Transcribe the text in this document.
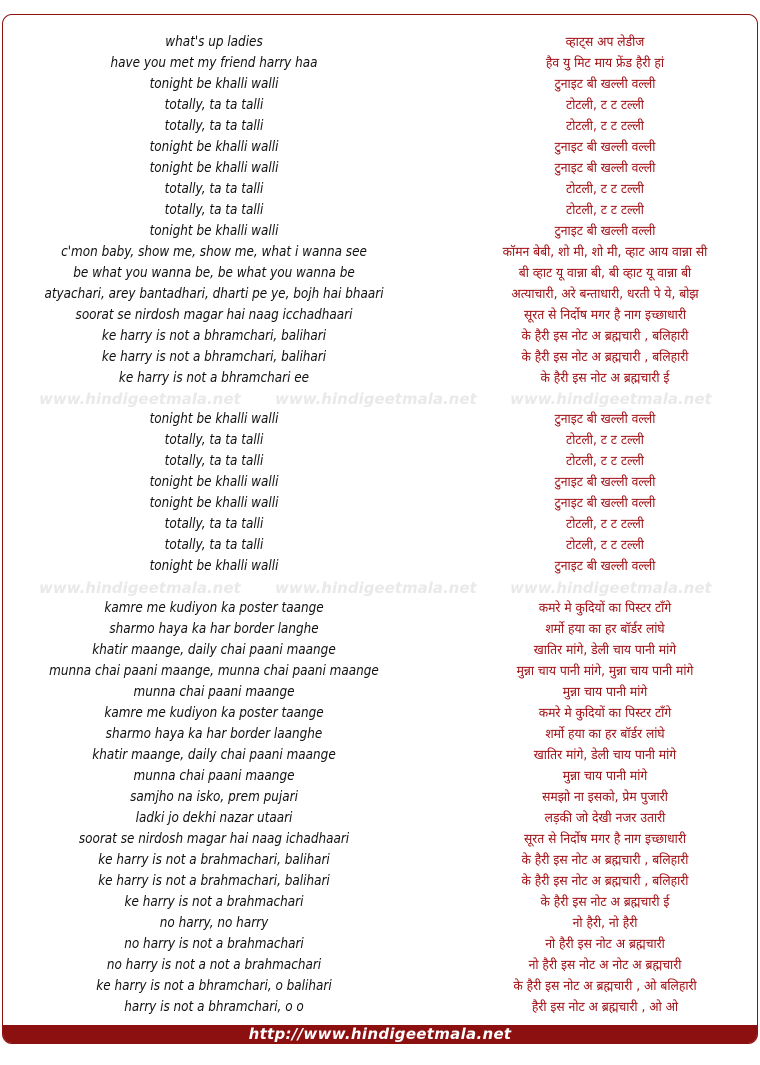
www.hindigeetmala.net www.hindigeetmala.net www.hindigeetmala.net
www.hindigeetmala.net www.hindigeetmala.net www.hindigeetmala.net
what's up ladies
have you met my friend harry haa
tonight be khalli walli
totally, ta ta talli
totally, ta ta talli
tonight be khalli walli
tonight be khalli walli
totally, ta ta talli
totally, ta ta talli
tonight be khalli walli
c'mon baby, show me, show me, what i wanna see
be what you wanna be, be what you wanna be
atyachari, arey bantadhari, dharti pe ye, bojh hai bhaari
soorat se nirdosh magar hai naag icchadhaari
ke harry is not a bhramchari, balihari
ke harry is not a bhramchari, balihari
ke harry is not a bhramchari ee
tonight be khalli walli
totally, ta ta talli
totally, ta ta talli
tonight be khalli walli
tonight be khalli walli
totally, ta ta talli
totally, ta ta talli
tonight be khalli walli
kamre me kudiyon ka poster taange
sharmo haya ka har border langhe
khatir maange, daily chai paani maange
munna chai paani maange, munna chai paani maange
munna chai paani maange
kamre me kudiyon ka poster taange
sharmo haya ka har border laanghe
khatir maange, daily chai paani maange
munna chai paani maange
samjho na isko, prem pujari
ladki jo dekhi nazar utaari
soorat se nirdosh magar hai naag ichadhaari
ke harry is not a brahmachari, balihari
ke harry is not a brahmachari, balihari
ke harry is not a brahmachari
no harry, no harry
no harry is not a brahmachari
no harry is not a not a brahmachari
ke harry is not a bhramchari, o balihari
harry is not a bhramchari, o o
व्हाट्स अप लेडीज
हैव यु मिट माय फ्रेंड हैरी हां
टुनाइट बी खल्ली वल्ली
टोटली, ट ट टल्ली
टोटली, ट ट टल्ली
टुनाइट बी खल्ली वल्ली
टुनाइट बी खल्ली वल्ली
टोटली, ट ट टल्ली
टोटली, ट ट टल्ली
टुनाइट बी खल्ली वल्ली
कॉमन बेबी, शो मी, शो मी, व्हाट आय वान्ना सी
बी व्हाट यू वान्ना बी, बी व्हाट यू वान्ना बी
अत्याचारी, अरे बन्ताधारी, धरती पे ये, बोझ
सूरत से निर्दोष मगर है नाग इच्छाधारी
के हैरी इस नोट अ ब्रह्मचारी , बलिहारी
के हैरी इस नोट अ ब्रह्मचारी , बलिहारी
के हैरी इस नोट अ ब्रह्मचारी ई
टुनाइट बी खल्ली वल्ली
टोटली, ट ट टल्ली
टोटली, ट ट टल्ली
टुनाइट बी खल्ली वल्ली
टुनाइट बी खल्ली वल्ली
टोटली, ट ट टल्ली
टोटली, ट ट टल्ली
टुनाइट बी खल्ली वल्ली
कमरे मे कुदियों का पिस्टर टाँगे
शर्मो हया का हर बॉर्डर लांघे
खातिर मांगे, डेली चाय पानी मांगे
मुन्ना चाय पानी मांगे, मुन्ना चाय पानी मांगे
मुन्ना चाय पानी मांगे
कमरे मे कुदियों का पिस्टर टाँगे
शर्मो हया का हर बॉर्डर लांघे
खातिर मांगे, डेली चाय पानी मांगे
मुन्ना चाय पानी मांगे
समझो ना इसको, प्रेम पुजारी
लड़की जो देखी नजर उतारी
सूरत से निर्दोष मगर है नाग इच्छाधारी
के हैरी इस नोट अ ब्रह्मचारी , बलिहारी
के हैरी इस नोट अ ब्रह्मचारी , बलिहारी
के हैरी इस नोट अ ब्रह्मचारी ई
नो हैरी, नो हैरी
नो हैरी इस नोट अ ब्रह्मचारी
नो हैरी इस नोट अ नोट अ ब्रह्मचारी
के हैरी इस नोट अ ब्रह्मचारी , ओ बलिहारी
हैरी इस नोट अ ब्रह्मचारी , ओ ओ
http://www.hindigeetmala.net
